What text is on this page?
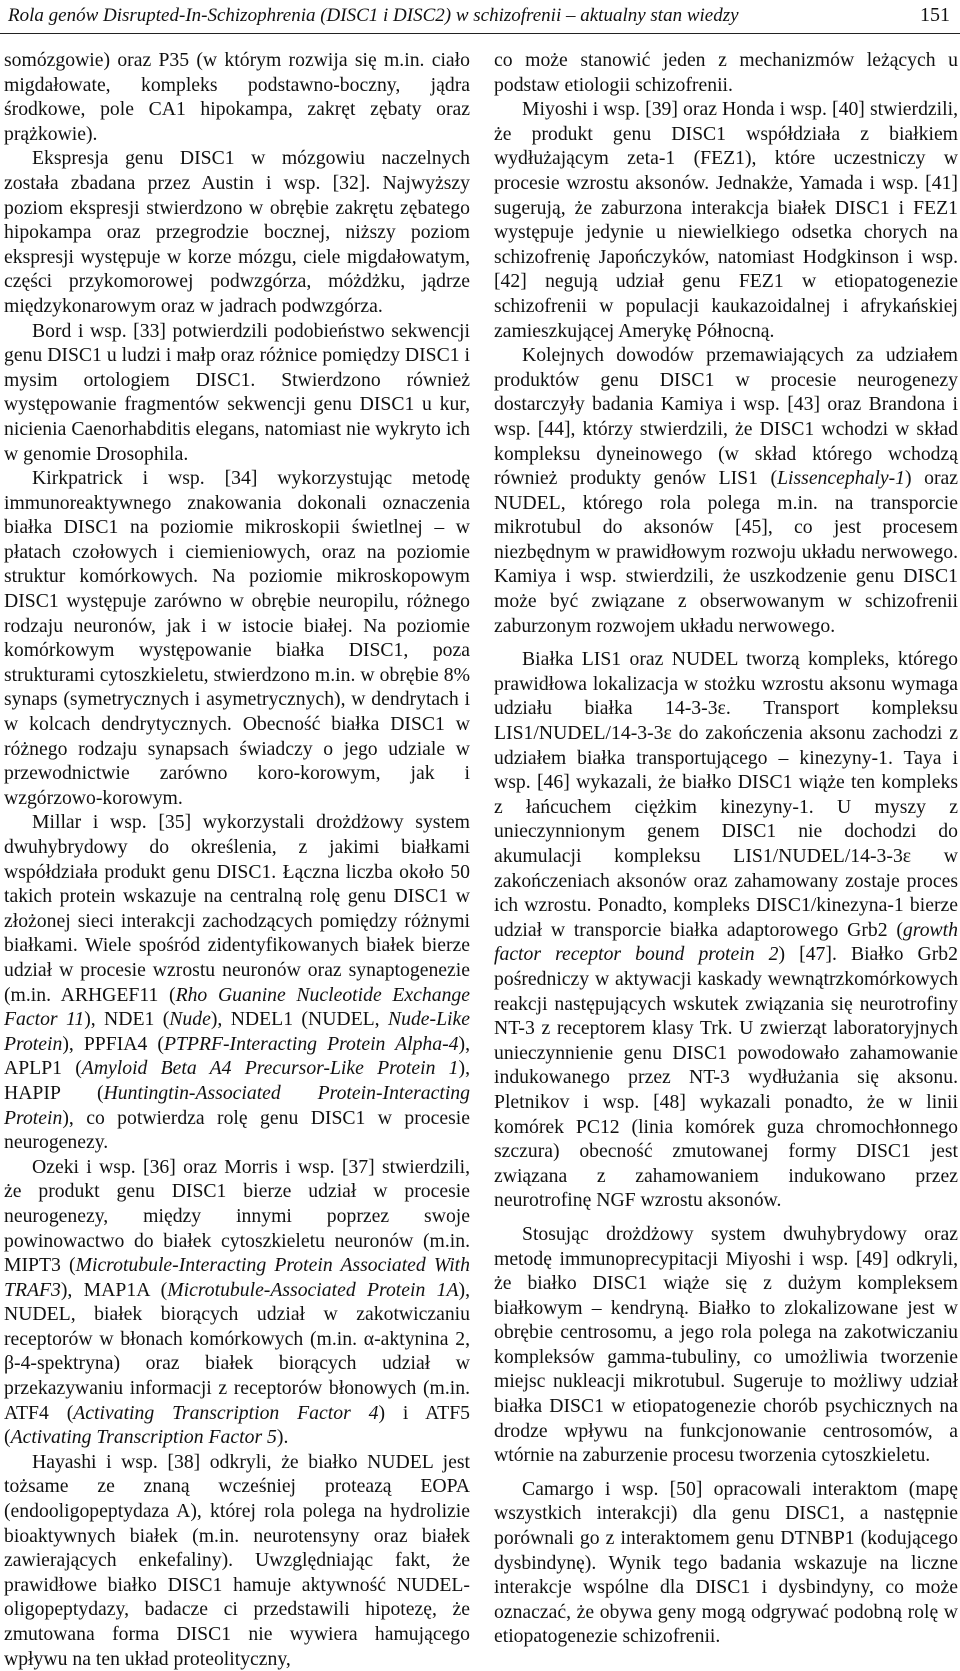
Rola genów Disrupted-In-Schizophrenia (DISC1 i DISC2) w schizofrenii – aktualny stan wiedzy	151

somózgowie) oraz P35 (w którym rozwija się m.in. ciało migdałowate, kompleks podstawno-boczny, jądra środkowe, pole CA1 hipokampa, zakręt zębaty oraz prążkowie).

Ekspresja genu DISC1 w mózgowiu naczelnych została zbadana przez Austin i wsp. [32]. Najwyższy poziom ekspresji stwierdzono w obrębie zakrętu zębatego hipokampa oraz przegrodzie bocznej, niższy poziom ekspresji występuje w korze mózgu, ciele migdałowatym, części przykomorowej podwzgórza, móżdżku, jądrze międzykonarowym oraz w jadrach podwzgórza.

Bord i wsp. [33] potwierdzili podobieństwo sekwencji genu DISC1 u ludzi i małp oraz różnice pomiędzy DISC1 i mysim ortologiem DISC1. Stwierdzono również występowanie fragmentów sekwencji genu DISC1 u kur, nicienia Caenorhabditis elegans, natomiast nie wykryto ich w genomie Drosophila.

Kirkpatrick i wsp. [34] wykorzystując metodę immunoreaktywnego znakowania dokonali oznaczenia białka DISC1 na poziomie mikroskopii świetlnej – w płatach czołowych i ciemieniowych, oraz na poziomie struktur komórkowych. Na poziomie mikroskopowym DISC1 występuje zarówno w obrębie neuropilu, różnego rodzaju neuronów, jak i w istocie białej. Na poziomie komórkowym występowanie białka DISC1, poza strukturami cytoszkieletu, stwierdzono m.in. w obrębie 8% synaps (symetrycznych i asymetrycznych), w dendrytach i w kolcach dendrytycznych. Obecność białka DISC1 w różnego rodzaju synapsach świadczy o jego udziale w przewodnictwie zarówno koro-korowym, jak i wzgórzowo-korowym.

Millar i wsp. [35] wykorzystali drożdżowy system dwuhybrydowy do określenia, z jakimi białkami współdziała produkt genu DISC1. Łączna liczba około 50 takich protein wskazuje na centralną rolę genu DISC1 w złożonej sieci interakcji zachodzących pomiędzy różnymi białkami. Wiele spośród zidentyfikowanych białek bierze udział w procesie wzrostu neuronów oraz synaptogenezie (m.in. ARHGEF11 (Rho Guanine Nucleotide Exchange Factor 11), NDE1 (Nude), NDEL1 (NUDEL, Nude-Like Protein), PPFIA4 (PTPRF-Interacting Protein Alpha-4), APLP1 (Amyloid Beta A4 Precursor-Like Protein 1), HAPIP (Huntingtin-Associated Protein-Interacting Protein), co potwierdza rolę genu DISC1 w procesie neurogenezy.

Ozeki i wsp. [36] oraz Morris i wsp. [37] stwierdzili, że produkt genu DISC1 bierze udział w procesie neurogenezy, między innymi poprzez swoje powinowactwo do białek cytoszkieletu neuronów (m.in. MIPT3 (Microtubule-Interacting Protein Associated With TRAF3), MAP1A (Microtubule-Associated Protein 1A), NUDEL, białek biorących udział w zakotwiczaniu receptorów w błonach komórkowych (m.in. α-aktynina 2, β-4-spektryna) oraz białek biorących udział w przekazywaniu informacji z receptorów błonowych (m.in. ATF4 (Activating Transcription Factor 4) i ATF5 (Activating Transcription Factor 5).

Hayashi i wsp. [38] odkryli, że białko NUDEL jest tożsame ze znaną wcześniej proteazą EOPA (endooligopeptydaza A), której rola polega na hydrolizie bioaktywnych białek (m.in. neurotensyny oraz białek zawierających enkefaliny). Uwzględniając fakt, że prawidłowe białko DISC1 hamuje aktywność NUDEL-oligopeptydazy, badacze ci przedstawili hipotezę, że zmutowana forma DISC1 nie wywiera hamującego wpływu na ten układ proteolityczny,

co może stanowić jeden z mechanizmów leżących u podstaw etiologii schizofrenii.

Miyoshi i wsp. [39] oraz Honda i wsp. [40] stwierdzili, że produkt genu DISC1 współdziała z białkiem wydłużającym zeta-1 (FEZ1), które uczestniczy w procesie wzrostu aksonów. Jednakże, Yamada i wsp. [41] sugerują, że zaburzona interakcja białek DISC1 i FEZ1 występuje jedynie u niewielkiego odsetka chorych na schizofrenię Japończyków, natomiast Hodgkinson i wsp. [42] negują udział genu FEZ1 w etiopatogenezie schizofrenii w populacji kaukazoidalnej i afrykańskiej zamieszkującej Amerykę Północną.

Kolejnych dowodów przemawiających za udziałem produktów genu DISC1 w procesie neurogenezy dostarczyły badania Kamiya i wsp. [43] oraz Brandona i wsp. [44], którzy stwierdzili, że DISC1 wchodzi w skład kompleksu dyneinowego (w skład którego wchodzą również produkty genów LIS1 (Lissencephaly-1) oraz NUDEL, którego rola polega m.in. na transporcie mikrotubul do aksonów [45], co jest procesem niezbędnym w prawidłowym rozwoju układu nerwowego. Kamiya i wsp. stwierdzili, że uszkodzenie genu DISC1 może być związane z obserwowanym w schizofrenii zaburzonym rozwojem układu nerwowego.

Białka LIS1 oraz NUDEL tworzą kompleks, którego prawidłowa lokalizacja w stożku wzrostu aksonu wymaga udziału białka 14-3-3ε. Transport kompleksu LIS1/NUDEL/14-3-3ε do zakończenia aksonu zachodzi z udziałem białka transportującego – kinezyny-1. Taya i wsp. [46] wykazali, że białko DISC1 wiąże ten kompleks z łańcuchem ciężkim kinezyny-1. U myszy z unieczynnionym genem DISC1 nie dochodzi do akumulacji kompleksu LIS1/NUDEL/14-3-3ε w zakończeniach aksonów oraz zahamowany zostaje proces ich wzrostu. Ponadto, kompleks DISC1/kinezyna-1 bierze udział w transporcie białka adaptorowego Grb2 (growth factor receptor bound protein 2) [47]. Białko Grb2 pośredniczy w aktywacji kaskady wewnątrzkomórkowych reakcji następujących wskutek związania się neurotrofiny NT-3 z receptorem klasy Trk. U zwierząt laboratoryjnych unieczynnienie genu DISC1 powodowało zahamowanie indukowanego przez NT-3 wydłużania się aksonu. Pletnikov i wsp. [48] wykazali ponadto, że w linii komórek PC12 (linia komórek guza chromochłonnego szczura) obecność zmutowanej formy DISC1 jest związana z zahamowaniem indukowano przez neurotrofinę NGF wzrostu aksonów.

Stosując drożdżowy system dwuhybrydowy oraz metodę immunoprecypitacji Miyoshi i wsp. [49] odkryli, że białko DISC1 wiąże się z dużym kompleksem białkowym – kendryną. Białko to zlokalizowane jest w obrębie centrosomu, a jego rola polega na zakotwiczaniu kompleksów gamma-tubuliny, co umożliwia tworzenie miejsc nukleacji mikrotubul. Sugeruje to możliwy udział białka DISC1 w etiopatogenezie chorób psychicznych na drodze wpływu na funkcjonowanie centrosomów, a wtórnie na zaburzenie procesu tworzenia cytoszkieletu.

Camargo i wsp. [50] opracowali interaktom (mapę wszystkich interakcji) dla genu DISC1, a następnie porównali go z interaktomem genu DTNBP1 (kodującego dysbindynę). Wynik tego badania wskazuje na liczne interakcje wspólne dla DISC1 i dysbindyny, co może oznaczać, że obywa geny mogą odgrywać podobną rolę w etiopatogenezie schizofrenii.
